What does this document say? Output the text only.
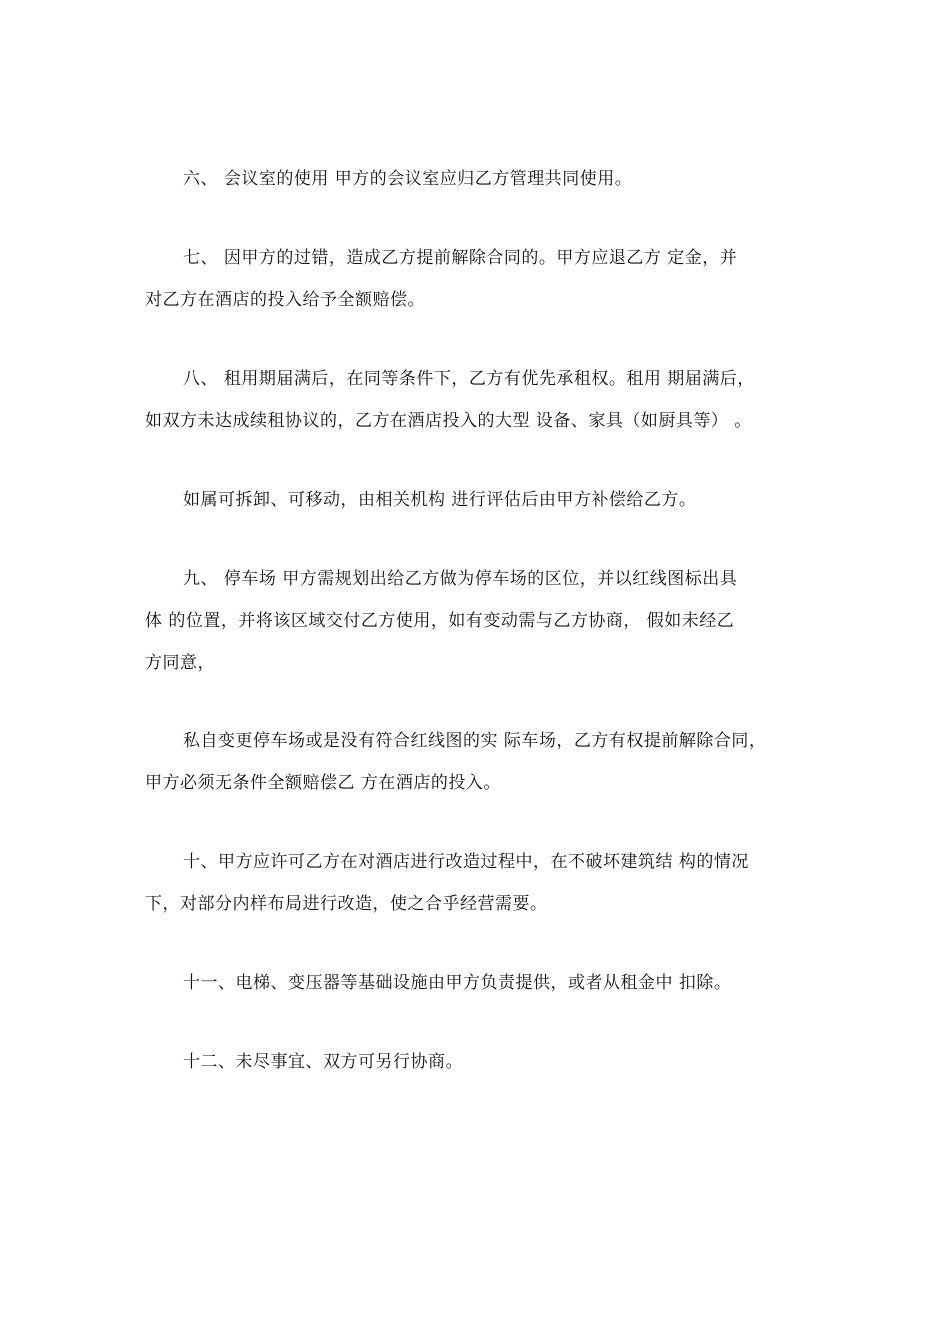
六、 会议室的使用 甲方的会议室应归乙方管理共同使用。
七、 因甲方的过错，造成乙方提前解除合同的。甲方应退乙方 定金，并
对乙方在酒店的投入给予全额赔偿。
八、 租用期届满后，在同等条件下，乙方有优先承租权。租用 期届满后，
如双方未达成续租协议的，乙方在酒店投入的大型 设备、家具（如厨具等） 。
如属可拆卸、可移动，由相关机构 进行评估后由甲方补偿给乙方。
九、 停车场 甲方需规划出给乙方做为停车场的区位，并以红线图标出具
体 的位置，并将该区域交付乙方使用，如有变动需与乙方协商， 假如未经乙
方同意，
私自变更停车场或是没有符合红线图的实 际车场，乙方有权提前解除合同，
甲方必须无条件全额赔偿乙 方在酒店的投入。
十、甲方应许可乙方在对酒店进行改造过程中，在不破坏建筑结 构的情况
下，对部分内样布局进行改造，使之合乎经营需要。
十一、电梯、变压器等基础设施由甲方负责提供，或者从租金中 扣除。
十二、未尽事宜、双方可另行协商。
